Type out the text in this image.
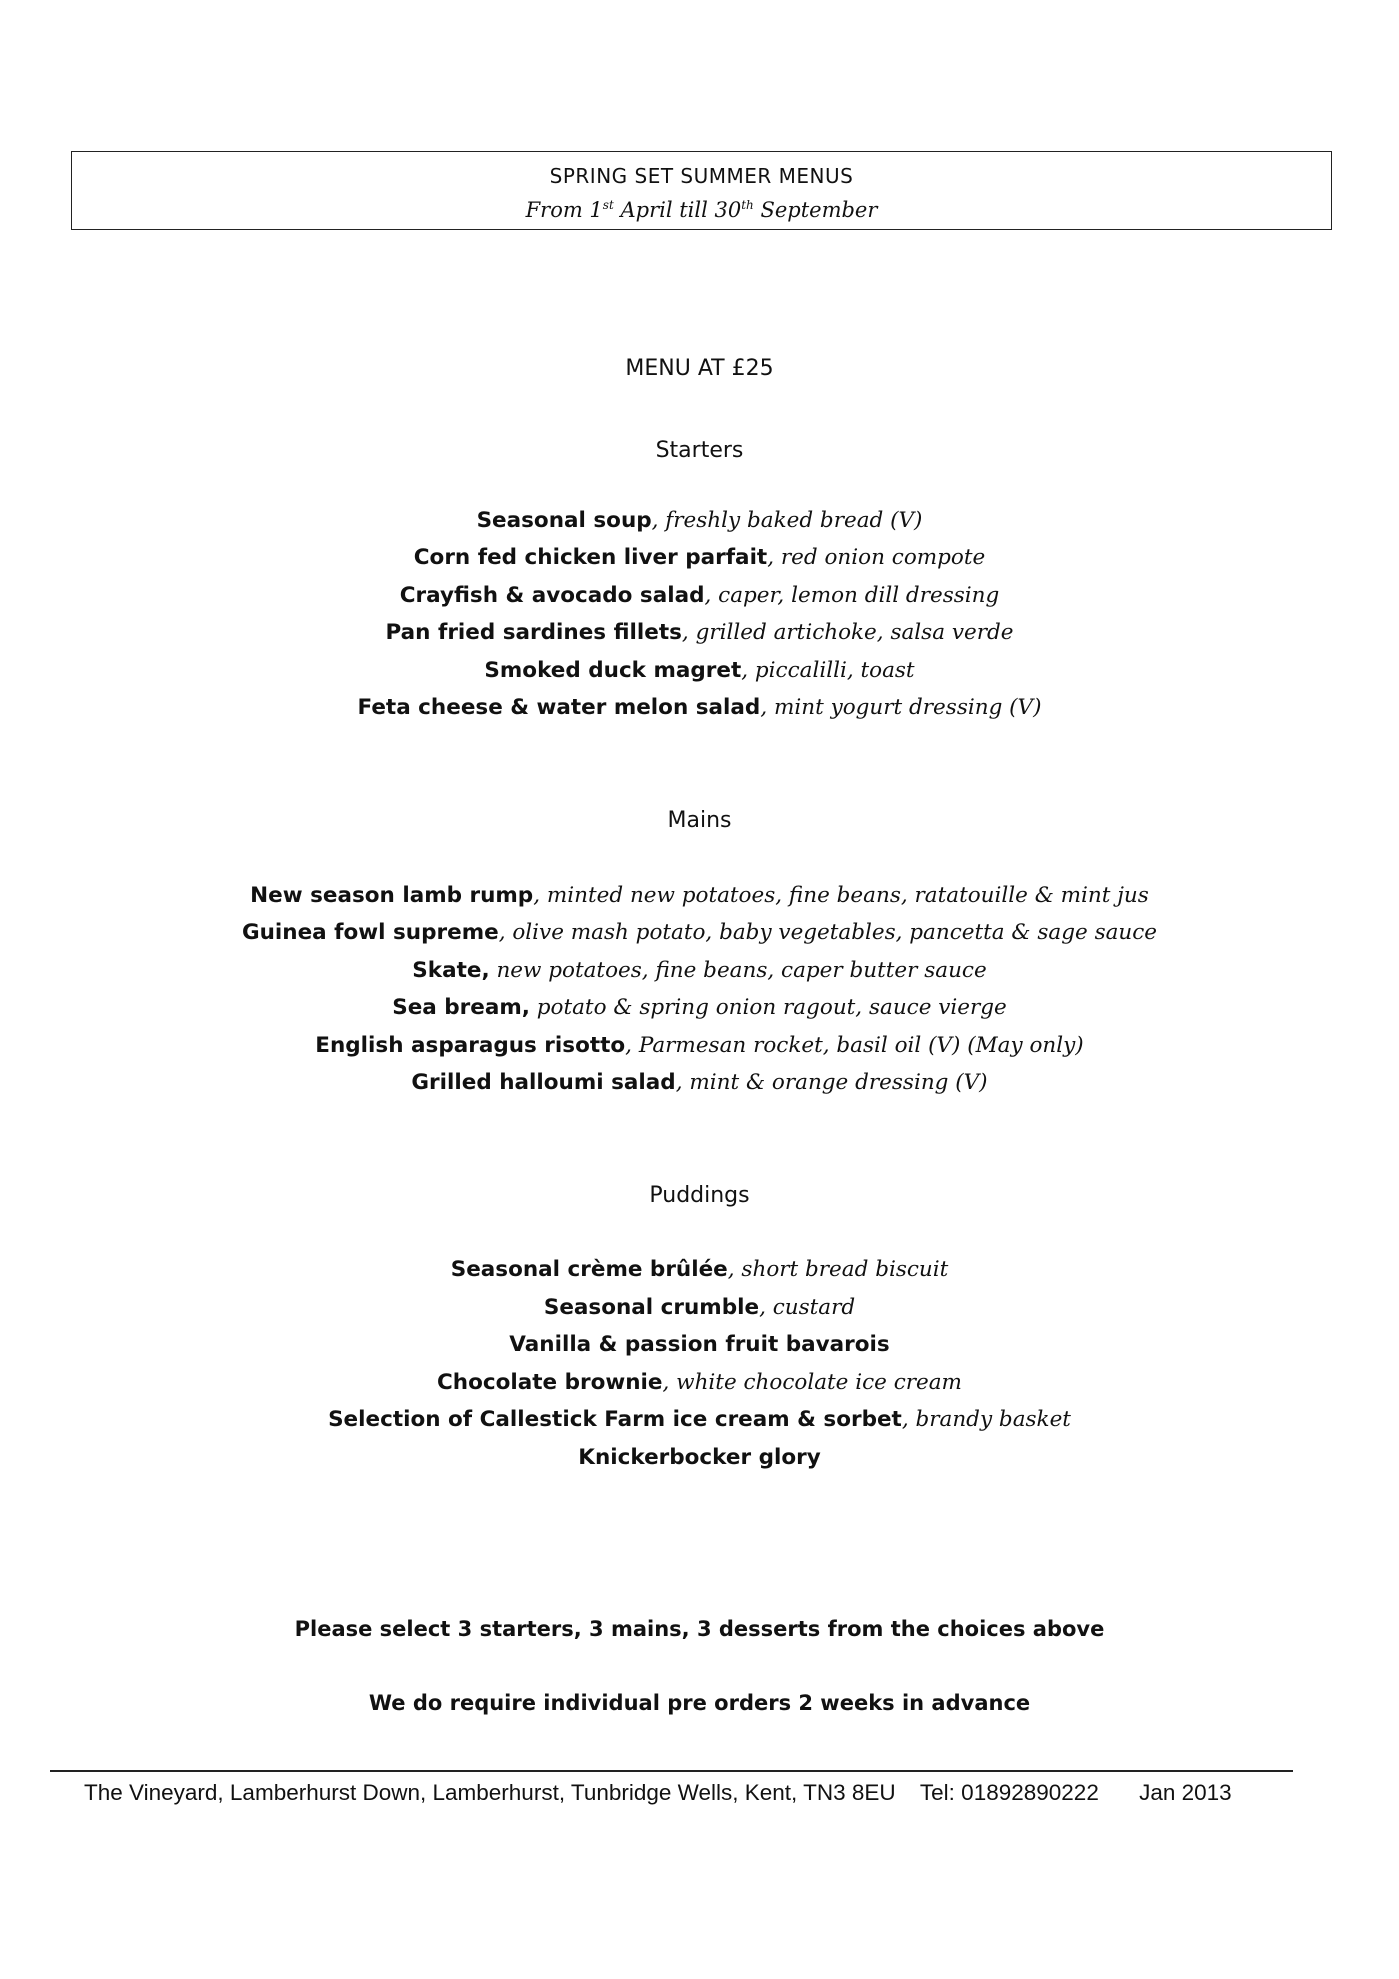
SPRING SET SUMMER MENUS
From 1st April till 30th September
MENU AT £25
Starters
Seasonal soup, freshly baked bread (V)
Corn fed chicken liver parfait, red onion compote
Crayfish & avocado salad, caper, lemon dill dressing
Pan fried sardines fillets, grilled artichoke, salsa verde
Smoked duck magret, piccalilli, toast
Feta cheese & water melon salad, mint yogurt dressing (V)
Mains
New season lamb rump, minted new potatoes, fine beans, ratatouille & mint jus
Guinea fowl supreme, olive mash potato, baby vegetables, pancetta & sage sauce
Skate, new potatoes, fine beans, caper butter sauce
Sea bream, potato & spring onion ragout, sauce vierge
English asparagus risotto, Parmesan rocket, basil oil (V) (May only)
Grilled halloumi salad, mint & orange dressing (V)
Puddings
Seasonal crème brûlée, short bread biscuit
Seasonal crumble, custard
Vanilla & passion fruit bavarois
Chocolate brownie, white chocolate ice cream
Selection of Callestick Farm ice cream & sorbet, brandy basket
Knickerbocker glory
Please select 3 starters, 3 mains, 3 desserts from the choices above
We do require individual pre orders 2 weeks in advance
The Vineyard, Lamberhurst Down, Lamberhurst, Tunbridge Wells, Kent, TN3 8EU Tel: 01892890222 Jan 2013
